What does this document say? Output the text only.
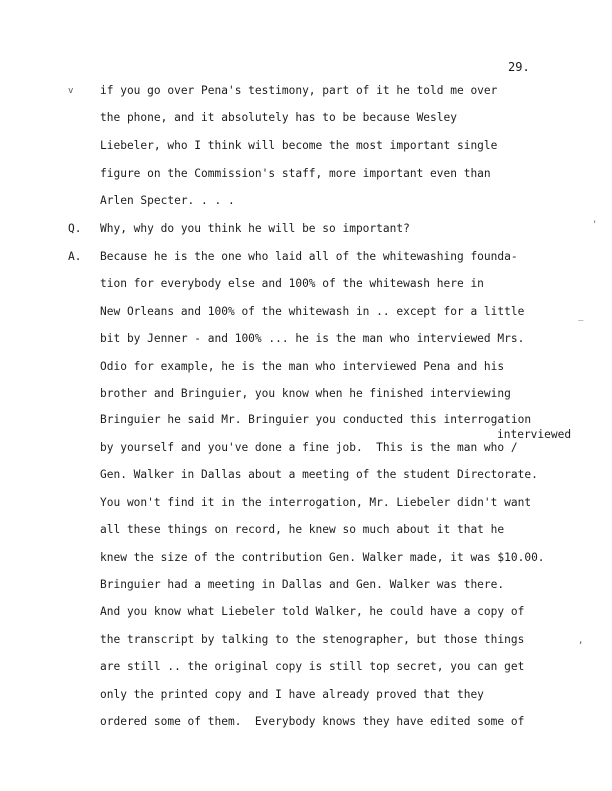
29.
v
_
,
'
if you go over Pena's testimony, part of it he told me over
the phone, and it absolutely has to be because Wesley
Liebeler, who I think will become the most important single
figure on the Commission's staff, more important even than
Arlen Specter. . . .
Q. Why, why do you think he will be so important?
A. Because he is the one who laid all of the whitewashing founda-
tion for everybody else and 100% of the whitewash here in
New Orleans and 100% of the whitewash in .. except for a little
bit by Jenner - and 100% ... he is the man who interviewed Mrs.
Odio for example, he is the man who interviewed Pena and his
brother and Bringuier, you know when he finished interviewing
Bringuier he said Mr. Bringuier you conducted this interrogation
interviewed
by yourself and you've done a fine job.  This is the man who /
Gen. Walker in Dallas about a meeting of the student Directorate.
You won't find it in the interrogation, Mr. Liebeler didn't want
all these things on record, he knew so much about it that he
knew the size of the contribution Gen. Walker made, it was $10.00.
Bringuier had a meeting in Dallas and Gen. Walker was there.
And you know what Liebeler told Walker, he could have a copy of
the transcript by talking to the stenographer, but those things
are still .. the original copy is still top secret, you can get
only the printed copy and I have already proved that they
ordered some of them.  Everybody knows they have edited some of
